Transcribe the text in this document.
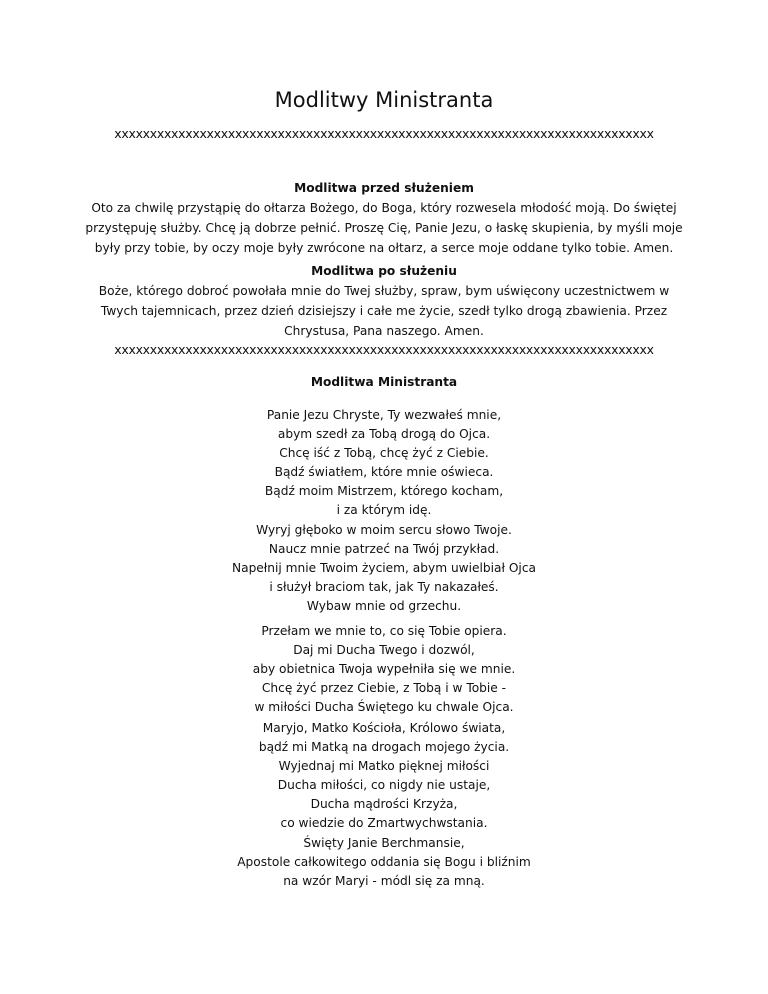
Modlitwy Ministranta
xxxxxxxxxxxxxxxxxxxxxxxxxxxxxxxxxxxxxxxxxxxxxxxxxxxxxxxxxxxxxxxxxxxxxxxxxxxx
Modlitwa przed służeniem

Oto za chwilę przystąpię do ołtarza Bożego, do Boga, który rozwesela młodość moją. Do świętej przystępuję służby. Chcę ją dobrze pełnić. Proszę Cię, Panie Jezu, o łaskę skupienia, by myśli moje były przy tobie, by oczy moje były zwrócone na ołtarz, a serce moje oddane tylko tobie. Amen.

Modlitwa po służeniu

Boże, którego dobroć powołała mnie do Twej służby, spraw, bym uświęcony uczestnictwem w Twych tajemnicach, przez dzień dzisiejszy i całe me życie, szedł tylko drogą zbawienia. Przez Chrystusa, Pana naszego. Amen.

xxxxxxxxxxxxxxxxxxxxxxxxxxxxxxxxxxxxxxxxxxxxxxxxxxxxxxxxxxxxxxxxxxxxxxxxxxxx
Modlitwa Ministranta
Panie Jezu Chryste, Ty wezwałeś mnie,
abym szedł za Tobą drogą do Ojca.
Chcę iść z Tobą, chcę żyć z Ciebie.
Bądź światłem, które mnie oświeca.
Bądź moim Mistrzem, którego kocham,
i za którym idę.
Wyryj głęboko w moim sercu słowo Twoje.
Naucz mnie patrzeć na Twój przykład.
Napełnij mnie Twoim życiem, abym uwielbiał Ojca
i służył braciom tak, jak Ty nakazałeś.
Wybaw mnie od grzechu.
Przełam we mnie to, co się Tobie opiera.
Daj mi Ducha Twego i dozwól,
aby obietnica Twoja wypełniła się we mnie.
Chcę żyć przez Ciebie, z Tobą i w Tobie -
w miłości Ducha Świętego ku chwale Ojca.
Maryjo, Matko Kościoła, Królowo świata,
bądź mi Matką na drogach mojego życia.
Wyjednaj mi Matko pięknej miłości
Ducha miłości, co nigdy nie ustaje,
Ducha mądrości Krzyża,
co wiedzie do Zmartwychwstania.
Święty Janie Berchmansie,
Apostole całkowitego oddania się Bogu i bliźnim
na wzór Maryi - módl się za mną.
